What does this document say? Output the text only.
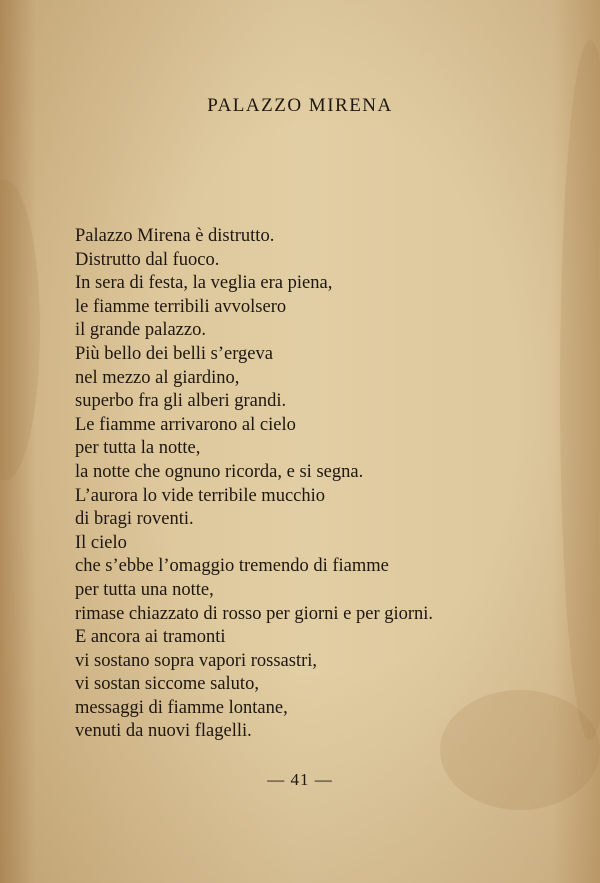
PALAZZO MIRENA
Palazzo Mirena è distrutto.
Distrutto dal fuoco.
In sera di festa, la veglia era piena,
le fiamme terribili avvolsero
il grande palazzo.
Più bello dei belli s’ergeva
nel mezzo al giardino,
superbo fra gli alberi grandi.
Le fiamme arrivarono al cielo
per tutta la notte,
la notte che ognuno ricorda, e si segna.
L’aurora lo vide terribile mucchio
di bragi roventi.
Il cielo
che s’ebbe l’omaggio tremendo di fiamme
per tutta una notte,
rimase chiazzato di rosso per giorni e per giorni.
E ancora ai tramonti
vi sostano sopra vapori rossastri,
vi sostan siccome saluto,
messaggi di fiamme lontane,
venuti da nuovi flagelli.
— 41 —
